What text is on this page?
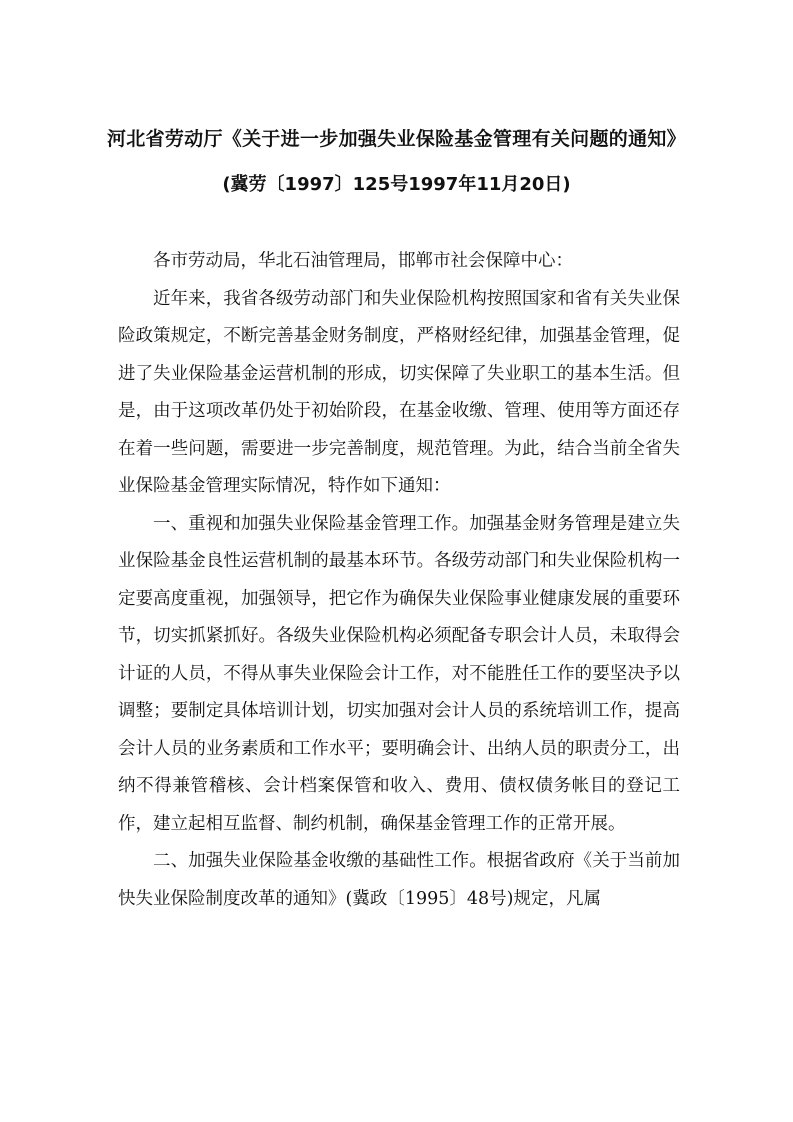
河北省劳动厅《关于进一步加强失业保险基金管理有关问题的通知》
(冀劳〔1997〕125号1997年11月20日)

各市劳动局，华北石油管理局，邯郸市社会保障中心：

近年来，我省各级劳动部门和失业保险机构按照国家和省有关失业保险政策规定，不断完善基金财务制度，严格财经纪律，加强基金管理，促进了失业保险基金运营机制的形成，切实保障了失业职工的基本生活。但是，由于这项改革仍处于初始阶段，在基金收缴、管理、使用等方面还存在着一些问题，需要进一步完善制度，规范管理。为此，结合当前全省失业保险基金管理实际情况，特作如下通知：

一、重视和加强失业保险基金管理工作。加强基金财务管理是建立失业保险基金良性运营机制的最基本环节。各级劳动部门和失业保险机构一定要高度重视，加强领导，把它作为确保失业保险事业健康发展的重要环节，切实抓紧抓好。各级失业保险机构必须配备专职会计人员，未取得会计证的人员，不得从事失业保险会计工作，对不能胜任工作的要坚决予以调整；要制定具体培训计划，切实加强对会计人员的系统培训工作，提高会计人员的业务素质和工作水平；要明确会计、出纳人员的职责分工，出纳不得兼管稽核、会计档案保管和收入、费用、债权债务帐目的登记工作，建立起相互监督、制约机制，确保基金管理工作的正常开展。

二、加强失业保险基金收缴的基础性工作。根据省政府《关于当前加快失业保险制度改革的通知》(冀政〔1995〕48号)规定，凡属
